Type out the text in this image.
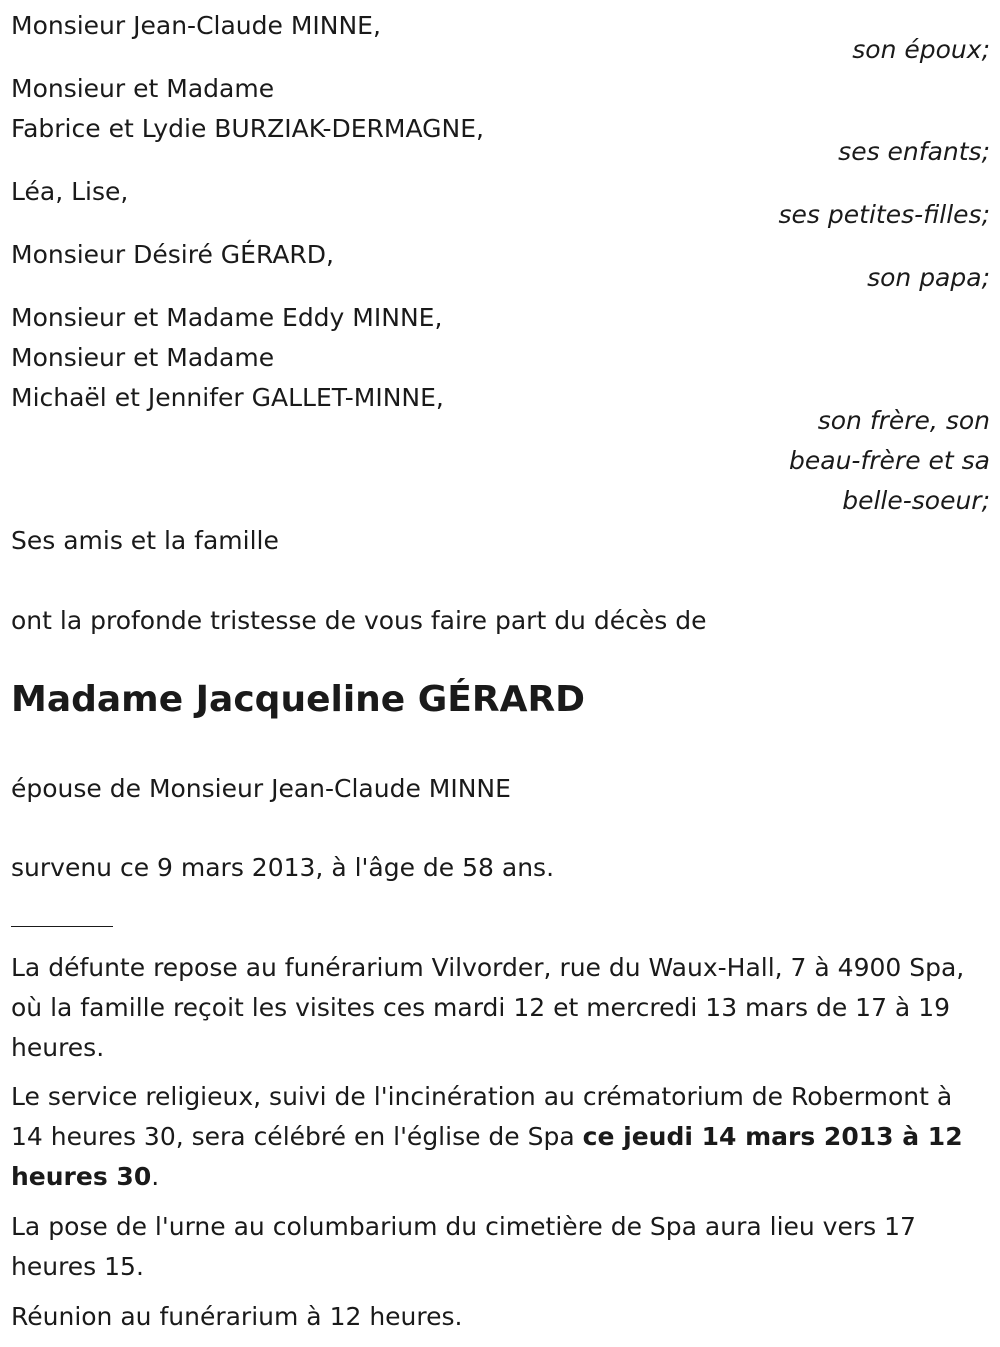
Monsieur Jean-Claude MINNE,
son époux;
Monsieur et Madame
Fabrice et Lydie BURZIAK-DERMAGNE,
ses enfants;
Léa, Lise,
ses petites-filles;
Monsieur Désiré GÉRARD,
son papa;
Monsieur et Madame Eddy MINNE,
Monsieur et Madame
Michaël et Jennifer GALLET-MINNE,
son frère, son
beau-frère et sa
belle-soeur;
Ses amis et la famille
ont la profonde tristesse de vous faire part du décès de
Madame Jacqueline GÉRARD
épouse de Monsieur Jean-Claude MINNE
survenu ce 9 mars 2013, à l'âge de 58 ans.
La défunte repose au funérarium Vilvorder, rue du Waux-Hall, 7 à 4900 Spa, où la famille reçoit les visites ces mardi 12 et mercredi 13 mars de 17 à 19 heures.
Le service religieux, suivi de l'incinération au crématorium de Robermont à 14 heures 30, sera célébré en l'église de Spa ce jeudi 14 mars 2013 à 12 heures 30.
La pose de l'urne au columbarium du cimetière de Spa aura lieu vers 17 heures 15.
Réunion au funérarium à 12 heures.
